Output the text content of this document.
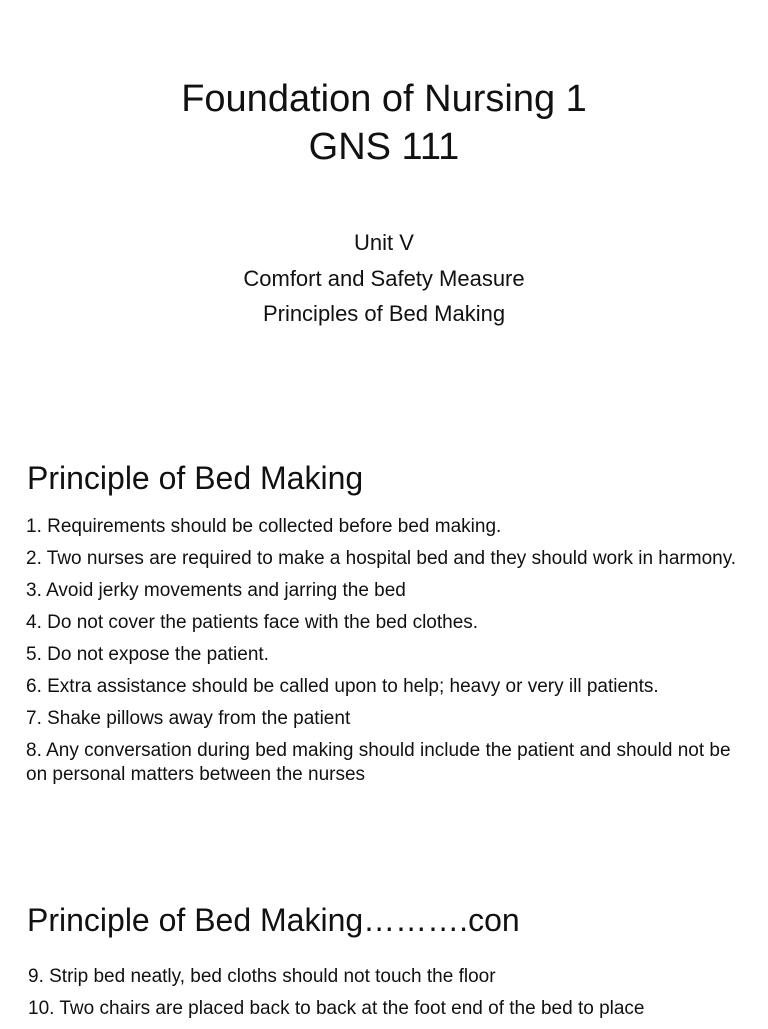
Foundation of Nursing 1
GNS 111
Unit V
Comfort and Safety Measure
Principles of Bed Making
Principle of Bed Making
1. Requirements should be collected before bed making.
2. Two nurses are required to make a hospital bed and they should work in harmony.
3. Avoid jerky movements and jarring the bed
4. Do not cover the patients face with the bed clothes.
5. Do not expose the patient.
6. Extra assistance should be called upon to help; heavy or very ill patients.
7. Shake pillows away from the patient
8. Any conversation during bed making should include the patient and should not be on personal matters between the nurses
Principle of Bed Making……….con
9. Strip bed neatly, bed cloths should not touch the floor
10. Two chairs are placed back to back at the foot end of the bed to place
